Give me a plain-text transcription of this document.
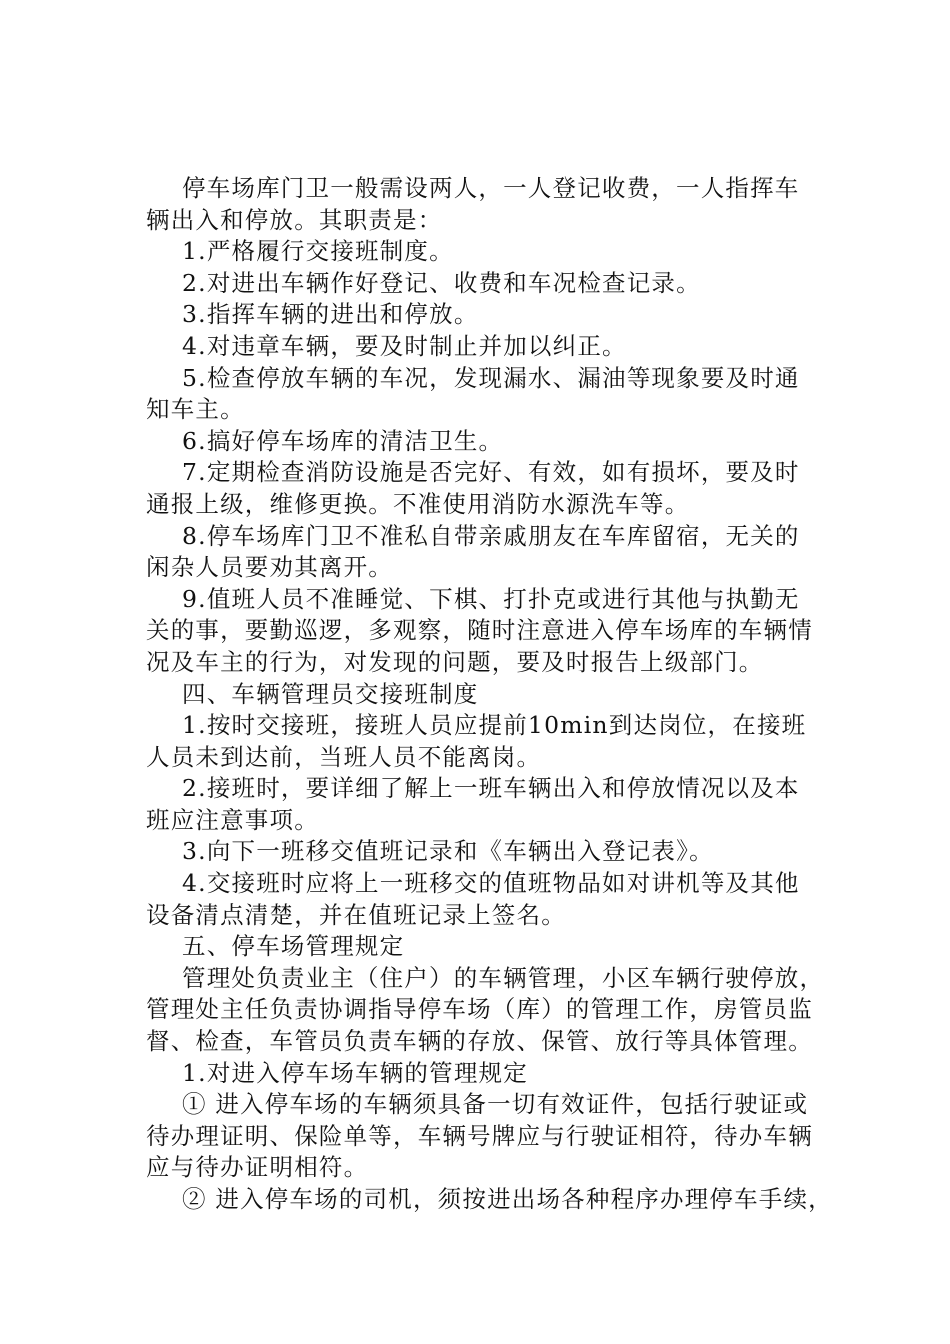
停车场库门卫一般需设两人，一人登记收费，一人指挥车
辆出入和停放。其职责是：
1.严格履行交接班制度。
2.对进出车辆作好登记、收费和车况检查记录。
3.指挥车辆的进出和停放。
4.对违章车辆，要及时制止并加以纠正。
5.检查停放车辆的车况，发现漏水、漏油等现象要及时通
知车主。
6.搞好停车场库的清洁卫生。
7.定期检查消防设施是否完好、有效，如有损坏，要及时
通报上级，维修更换。不准使用消防水源洗车等。
8.停车场库门卫不准私自带亲戚朋友在车库留宿，无关的
闲杂人员要劝其离开。
9.值班人员不准睡觉、下棋、打扑克或进行其他与执勤无
关的事，要勤巡逻，多观察，随时注意进入停车场库的车辆情
况及车主的行为，对发现的问题，要及时报告上级部门。
四、车辆管理员交接班制度
1.按时交接班，接班人员应提前10min到达岗位，在接班
人员未到达前，当班人员不能离岗。
2.接班时，要详细了解上一班车辆出入和停放情况以及本
班应注意事项。
3.向下一班移交值班记录和《车辆出入登记表》。
4.交接班时应将上一班移交的值班物品如对讲机等及其他
设备清点清楚，并在值班记录上签名。
五、停车场管理规定
管理处负责业主（住户）的车辆管理，小区车辆行驶停放，
管理处主任负责协调指导停车场（库）的管理工作，房管员监
督、检查，车管员负责车辆的存放、保管、放行等具体管理。
1.对进入停车场车辆的管理规定
① 进入停车场的车辆须具备一切有效证件，包括行驶证或
待办理证明、保险单等，车辆号牌应与行驶证相符，待办车辆
应与待办证明相符。
② 进入停车场的司机，须按进出场各种程序办理停车手续，
